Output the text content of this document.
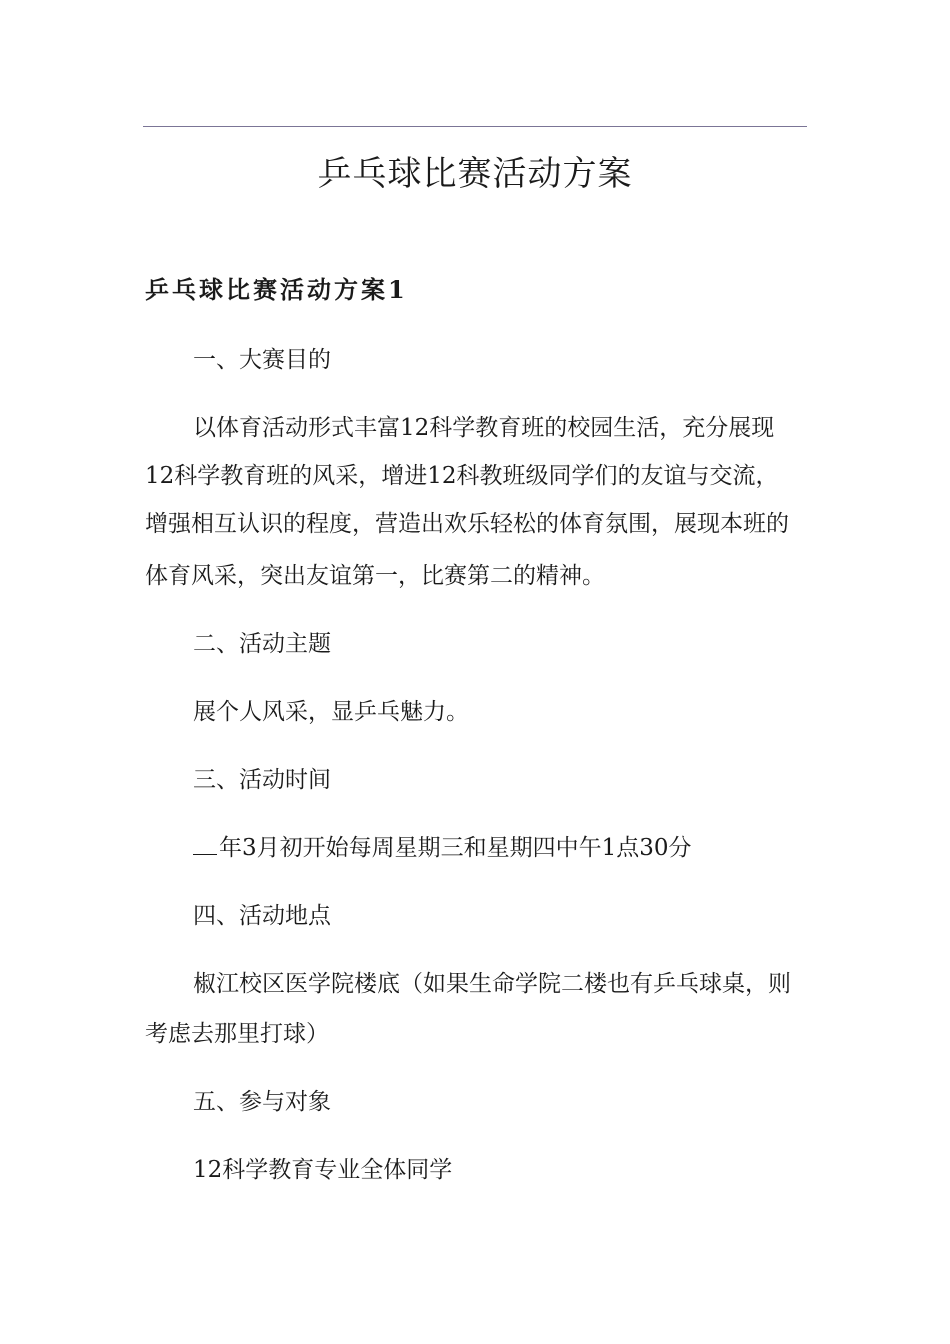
乒乓球比赛活动方案
乒乓球比赛活动方案1
一、大赛目的
以体育活动形式丰富12科学教育班的校园生活，充分展现
12科学教育班的风采，增进12科教班级同学们的友谊与交流，
增强相互认识的程度，营造出欢乐轻松的体育氛围，展现本班的
体育风采，突出友谊第一，比赛第二的精神。
二、活动主题
展个人风采，显乒乓魅力。
三、活动时间
年3月初开始每周星期三和星期四中午1点30分
四、活动地点
椒江校区医学院楼底（如果生命学院二楼也有乒乓球桌，则
考虑去那里打球）
五、参与对象
12科学教育专业全体同学
